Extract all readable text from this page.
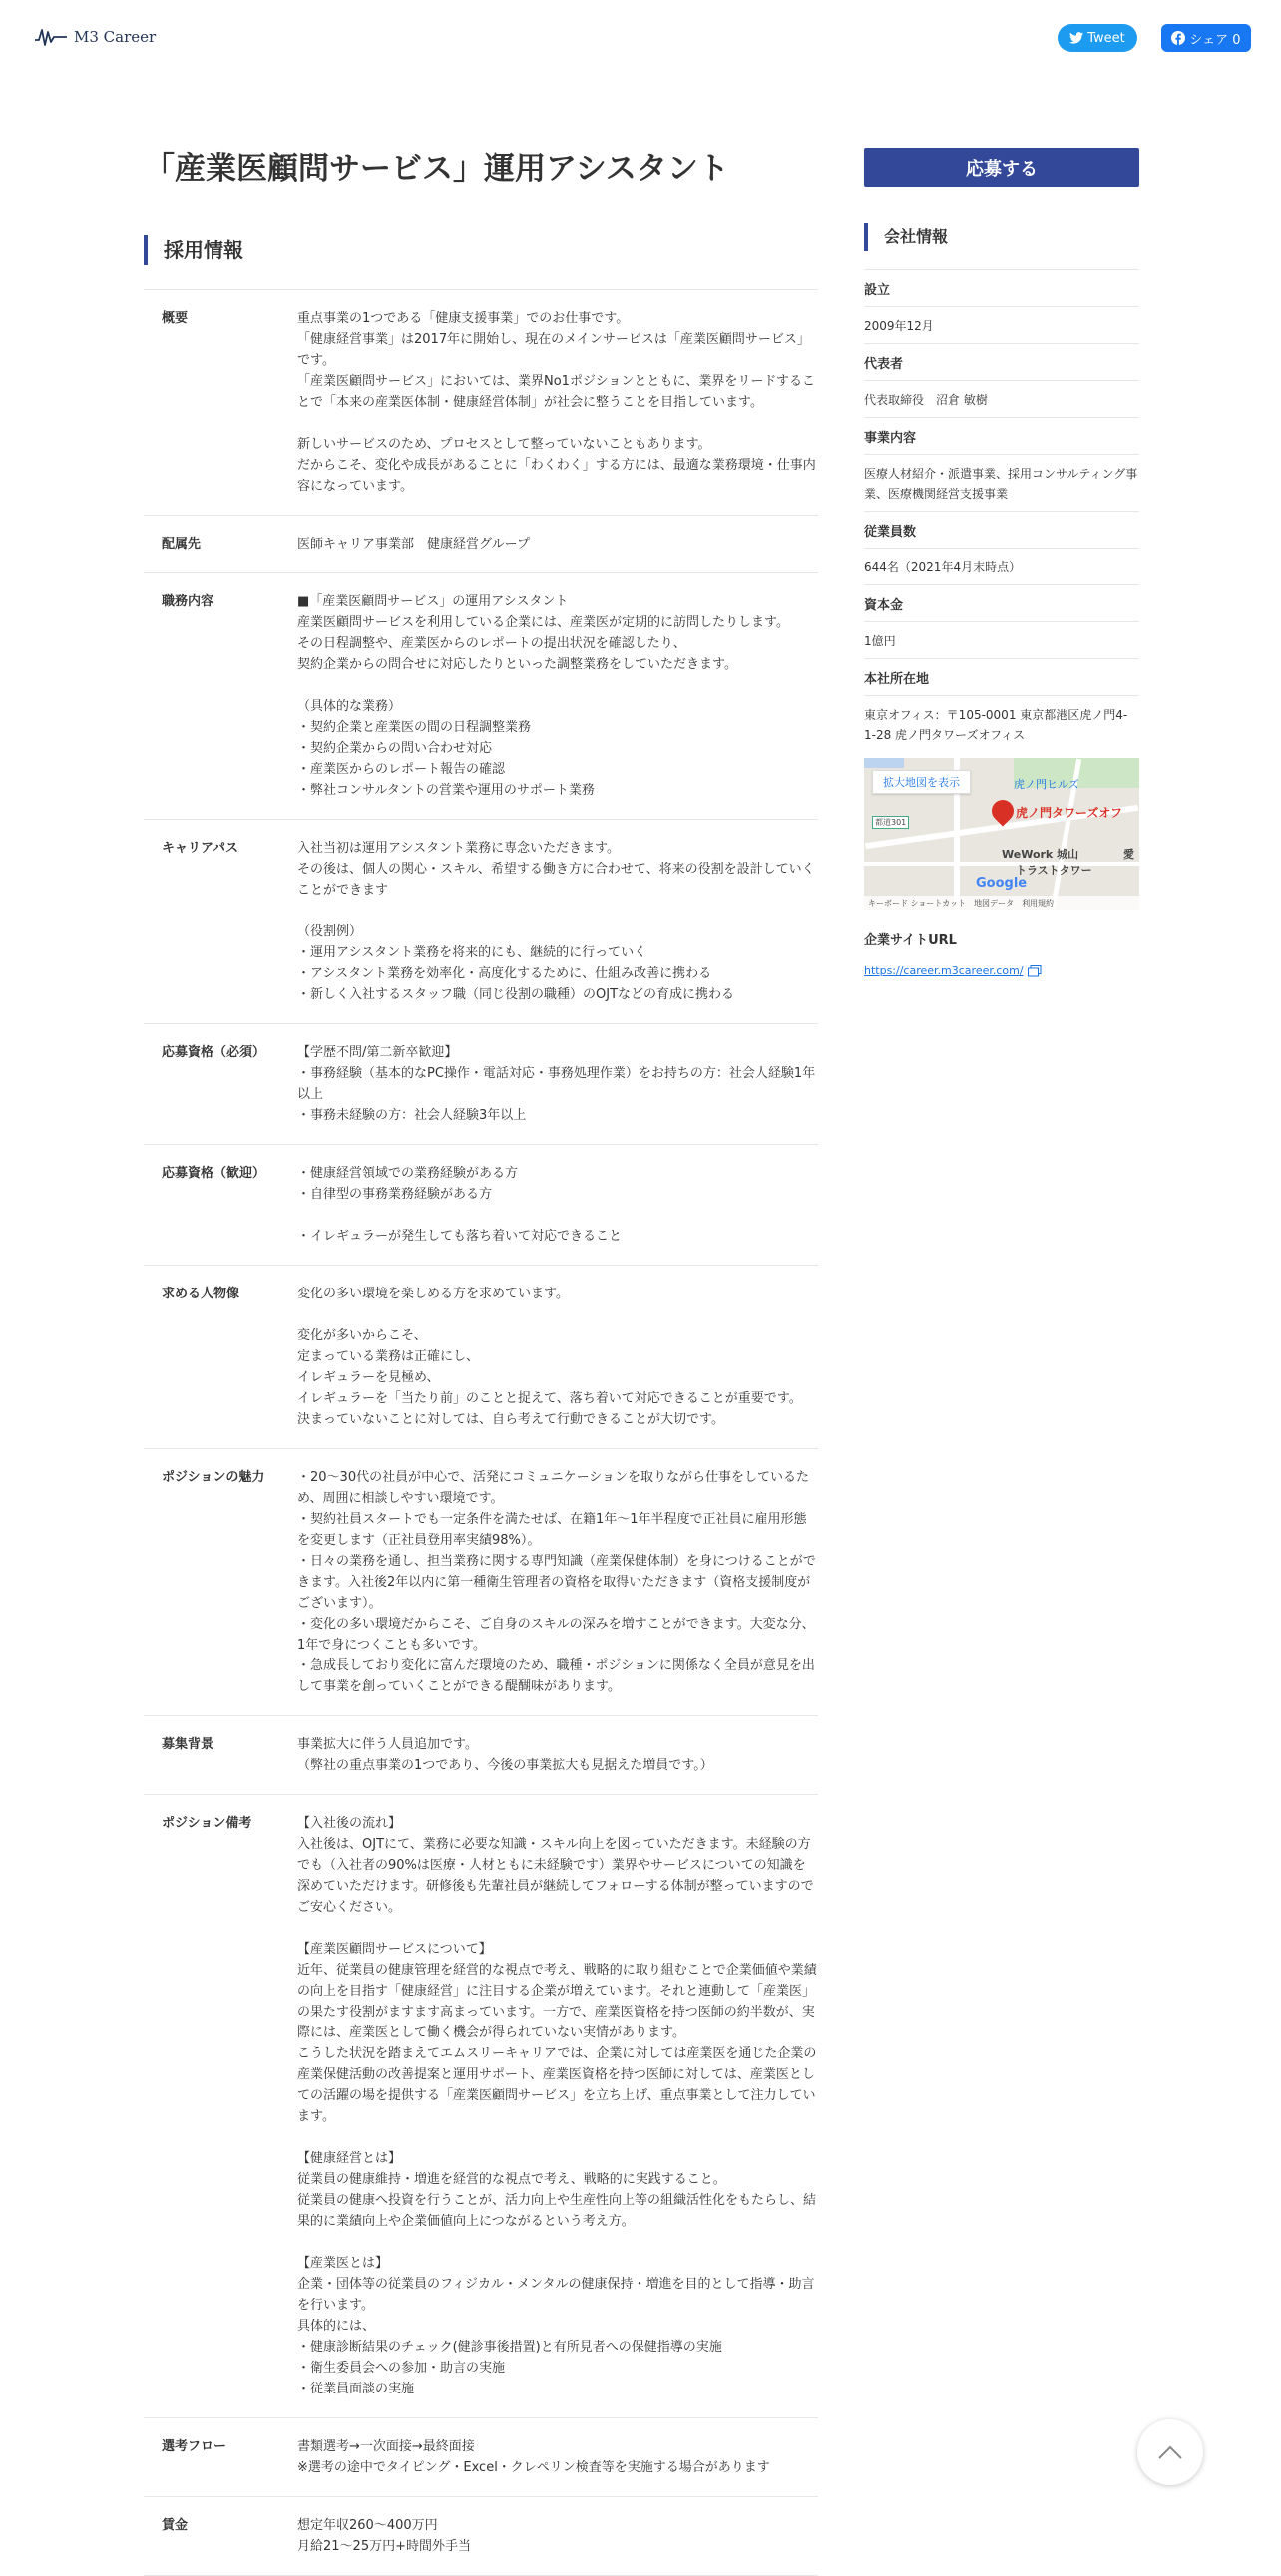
M3 Career	Tweet	シェア 0
「産業医顧問サービス」運用アシスタント
採用情報
概要	重点事業の1つである「健康支援事業」でのお仕事です。
「健康経営事業」は2017年に開始し、現在のメインサービスは「産業医顧問サービス」です。
「産業医顧問サービス」においては、業界No1ポジションとともに、業界をリードすることで「本来の産業医体制・健康経営体制」が社会に整うことを目指しています。

新しいサービスのため、プロセスとして整っていないこともあります。
だからこそ、変化や成長があることに「わくわく」する方には、最適な業務環境・仕事内容になっています。
配属先	医師キャリア事業部　健康経営グループ
職務内容	■「産業医顧問サービス」の運用アシスタント
産業医顧問サービスを利用している企業には、産業医が定期的に訪問したりします。
その日程調整や、産業医からのレポートの提出状況を確認したり、
契約企業からの問合せに対応したりといった調整業務をしていただきます。

（具体的な業務）
・契約企業と産業医の間の日程調整業務
・契約企業からの問い合わせ対応
・産業医からのレポート報告の確認
・弊社コンサルタントの営業や運用のサポート業務
キャリアパス	入社当初は運用アシスタント業務に専念いただきます。
その後は、個人の関心・スキル、希望する働き方に合わせて、将来の役割を設計していくことができます

（役割例）
・運用アシスタント業務を将来的にも、継続的に行っていく
・アシスタント業務を効率化・高度化するために、仕組み改善に携わる
・新しく入社するスタッフ職（同じ役割の職種）のOJTなどの育成に携わる
応募資格（必須）	【学歴不問/第二新卒歓迎】
・事務経験（基本的なPC操作・電話対応・事務処理作業）をお持ちの方：社会人経験1年以上
・事務未経験の方：社会人経験3年以上
応募資格（歓迎）	・健康経営領域での業務経験がある方
・自律型の事務業務経験がある方

・イレギュラーが発生しても落ち着いて対応できること
求める人物像	変化の多い環境を楽しめる方を求めています。

変化が多いからこそ、
定まっている業務は正確にし、
イレギュラーを見極め、
イレギュラーを「当たり前」のことと捉えて、落ち着いて対応できることが重要です。
決まっていないことに対しては、自ら考えて行動できることが大切です。
ポジションの魅力	・20〜30代の社員が中心で、活発にコミュニケーションを取りながら仕事をしているため、周囲に相談しやすい環境です。
・契約社員スタートでも一定条件を満たせば、在籍1年〜1年半程度で正社員に雇用形態を変更します（正社員登用率実績98%）。
・日々の業務を通し、担当業務に関する専門知識（産業保健体制）を身につけることができます。入社後2年以内に第一種衛生管理者の資格を取得いただきます（資格支援制度がございます）。
・変化の多い環境だからこそ、ご自身のスキルの深みを増すことができます。大変な分、1年で身につくことも多いです。
・急成長しており変化に富んだ環境のため、職種・ポジションに関係なく全員が意見を出して事業を創っていくことができる醍醐味があります。
募集背景	事業拡大に伴う人員追加です。
（弊社の重点事業の1つであり、今後の事業拡大も見据えた増員です。）
ポジション備考	【入社後の流れ】
入社後は、OJTにて、業務に必要な知識・スキル向上を図っていただきます。未経験の方でも（入社者の90%は医療・人材ともに未経験です）業界やサービスについての知識を深めていただけます。研修後も先輩社員が継続してフォローする体制が整っていますのでご安心ください。

【産業医顧問サービスについて】
近年、従業員の健康管理を経営的な視点で考え、戦略的に取り組むことで企業価値や業績の向上を目指す「健康経営」に注目する企業が増えています。それと連動して「産業医」の果たす役割がますます高まっています。一方で、産業医資格を持つ医師の約半数が、実際には、産業医として働く機会が得られていない実情があります。
こうした状況を踏まえてエムスリーキャリアでは、企業に対しては産業医を通じた企業の産業保健活動の改善提案と運用サポート、産業医資格を持つ医師に対しては、産業医としての活躍の場を提供する「産業医顧問サービス」を立ち上げ、重点事業として注力しています。

【健康経営とは】
従業員の健康維持・増進を経営的な視点で考え、戦略的に実践すること。
従業員の健康へ投資を行うことが、活力向上や生産性向上等の組織活性化をもたらし、結果的に業績向上や企業価値向上につながるという考え方。

【産業医とは】
企業・団体等の従業員のフィジカル・メンタルの健康保持・増進を目的として指導・助言を行います。
具体的には、
・健康診断結果のチェック(健診事後措置)と有所見者への保健指導の実施
・衛生委員会への参加・助言の実施
・従業員面談の実施
選考フロー	書類選考→一次面接→最終面接
※選考の途中でタイピング・Excel・クレペリン検査等を実施する場合があります
賃金	想定年収260〜400万円
月給21〜25万円+時間外手当
応募する
会社情報
設立
2009年12月
代表者
代表取締役　沼倉 敏樹
事業内容
医療人材紹介・派遣事業、採用コンサルティング事業、医療機関経営支援事業
従業員数
644名（2021年4月末時点）
資本金
1億円
本社所在地
東京オフィス：〒105-0001 東京都港区虎ノ門4-1-28 虎ノ門タワーズオフィス
拡大地図を表示	虎ノ門ヒルズ
虎ノ門タワーズオフ
WeWork 城山
トラストタワー
愛
都道301
Google
キーボード ショートカット 地図データ 利用規約
企業サイトURL
https://career.m3career.com/
